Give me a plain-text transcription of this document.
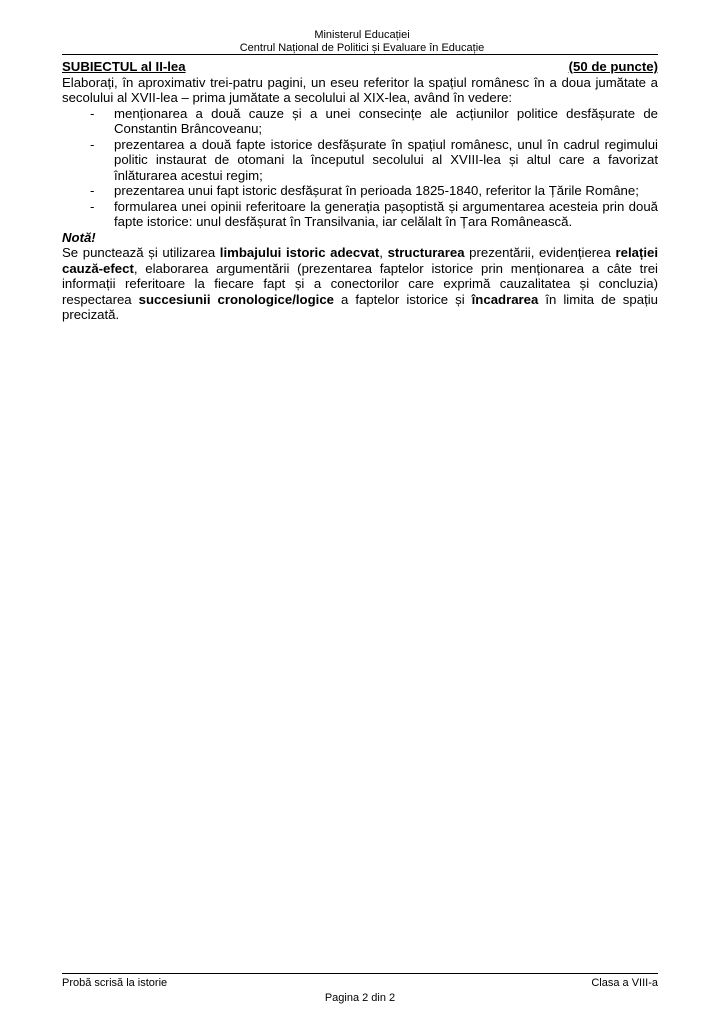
Ministerul Educației
Centrul Național de Politici și Evaluare în Educație
SUBIECTUL al II-lea	(50 de puncte)
Elaborați, în aproximativ trei-patru pagini, un eseu referitor la spațiul românesc în a doua jumătate a secolului al XVII-lea – prima jumătate a secolului al XIX-lea, având în vedere:
- menționarea a două cauze și a unei consecințe ale acțiunilor politice desfășurate de Constantin Brâncoveanu;
- prezentarea a două fapte istorice desfășurate în spațiul românesc, unul în cadrul regimului politic instaurat de otomani la începutul secolului al XVIII-lea și altul care a favorizat înlăturarea acestui regim;
- prezentarea unui fapt istoric desfășurat în perioada 1825-1840, referitor la Țările Române;
- formularea unei opinii referitoare la generația pașoptistă și argumentarea acesteia prin două fapte istorice: unul desfășurat în Transilvania, iar celălalt în Țara Românească.
Notă!
Se punctează și utilizarea limbajului istoric adecvat, structurarea prezentării, evidențierea relației cauză-efect, elaborarea argumentării (prezentarea faptelor istorice prin menționarea a câte trei informații referitoare la fiecare fapt și a conectorilor care exprimă cauzalitatea și concluzia) respectarea succesiunii cronologice/logice a faptelor istorice și încadrarea în limita de spațiu precizată.
Probă scrisă la istorie	Clasa a VIII-a
Pagina 2 din 2
